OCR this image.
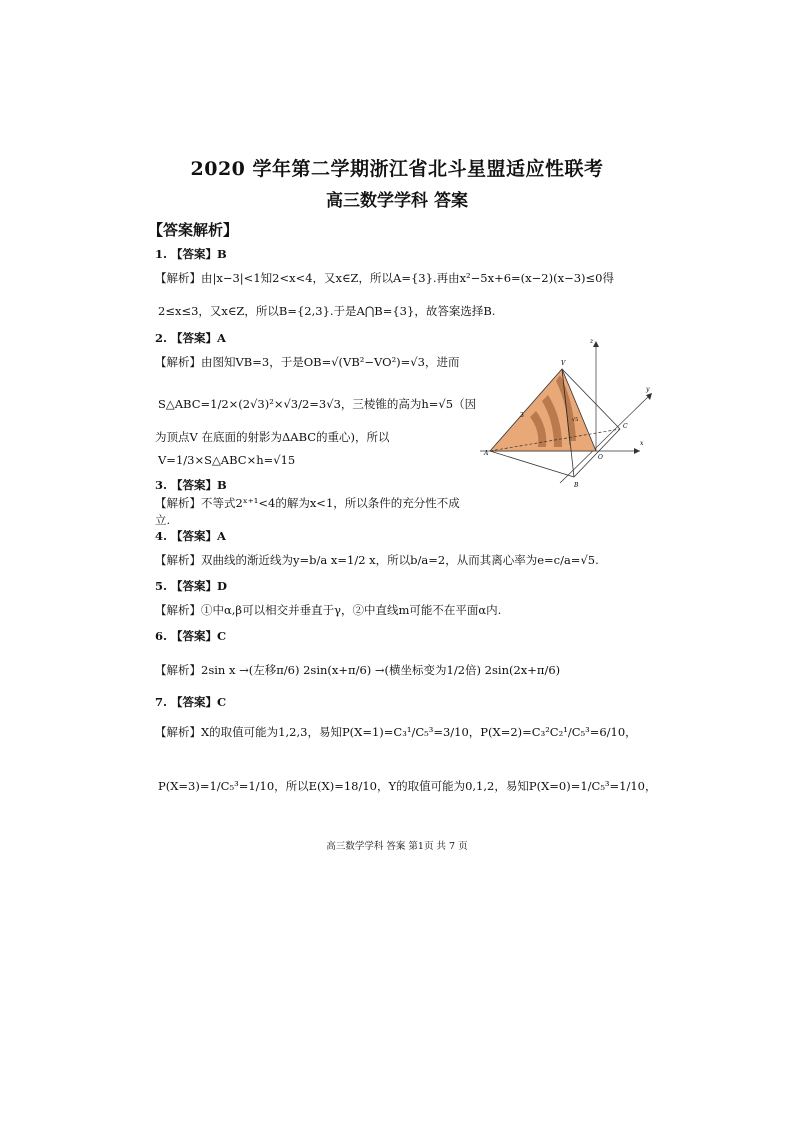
2020 学年第二学期浙江省北斗星盟适应性联考
高三数学学科 答案
【答案解析】
1. 【答案】B
【解析】由|x−3|<1知2<x<4，又x∈Z，所以A={3}.再由x²−5x+6=(x−2)(x−3)≤0得
2≤x≤3，又x∈Z，所以B={2,3}.于是A⋂B={3}，故答案选择B.
2. 【答案】A
【解析】由图知VB=3，于是OB=√(VB²−VO²)=√3，进而
S△ABC=1/2×(2√3)²×√3/2=3√3，三棱锥的高为h=√5（因
为顶点V 在底面的射影为ΔABC的重心)，所以
V=1/3×S△ABC×h=√15
V
A
B
C
O
x
y
z
3
√5
3. 【答案】B
【解析】不等式2ˣ⁺¹<4的解为x<1，所以条件的充分性不成
立.
4. 【答案】A
【解析】双曲线的渐近线为y=b/a x=1/2 x，所以b/a=2，从而其离心率为e=c/a=√5.
5. 【答案】D
【解析】①中α,β可以相交并垂直于γ，②中直线m可能不在平面α内.
6. 【答案】C
【解析】2sin x →(左移π/6) 2sin(x+π/6) →(横坐标变为1/2倍) 2sin(2x+π/6)
7. 【答案】C
【解析】X的取值可能为1,2,3，易知P(X=1)=C₃¹/C₅³=3/10，P(X=2)=C₃²C₂¹/C₅³=6/10，
P(X=3)=1/C₅³=1/10，所以E(X)=18/10，Y的取值可能为0,1,2，易知P(X=0)=1/C₅³=1/10，
高三数学学科 答案 第1页 共 7 页
